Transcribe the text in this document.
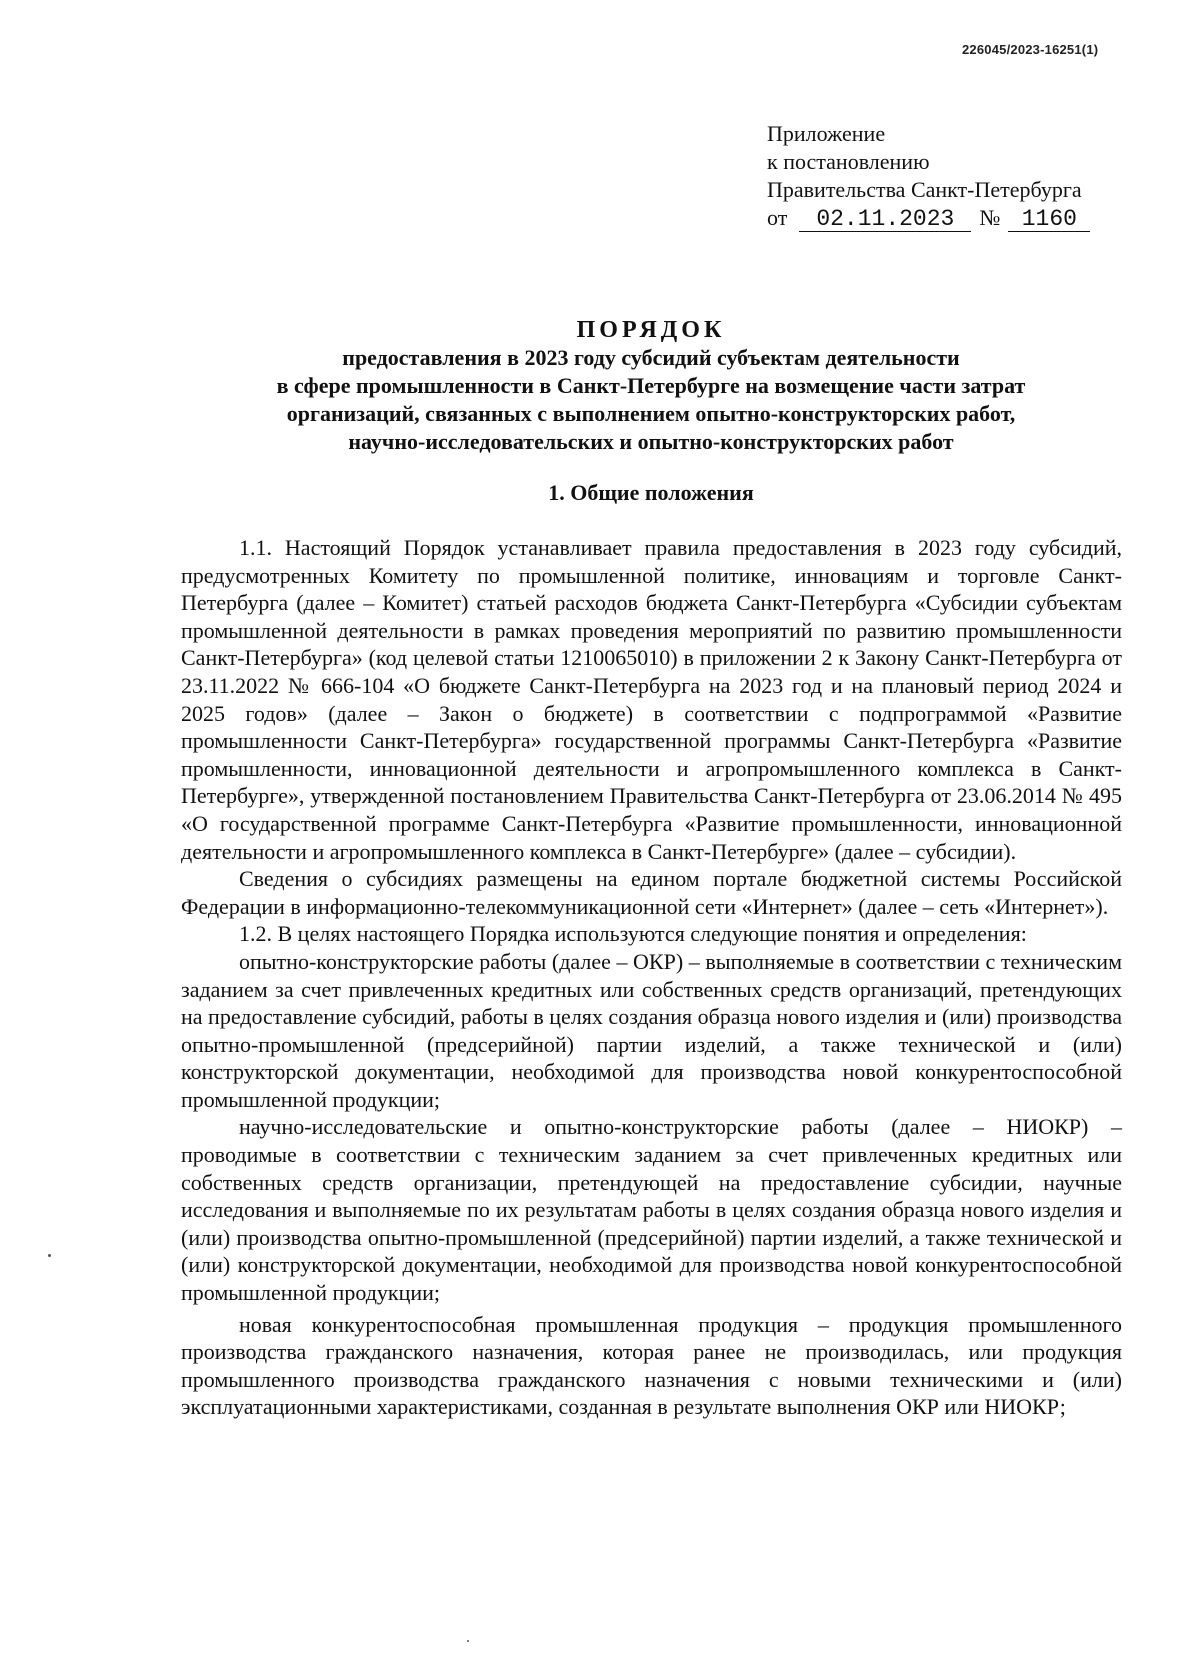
226045/2023-16251(1)
Приложение
к постановлению
Правительства Санкт-Петербурга
от	02.11.2023	№ 1160
ПОРЯДОК
предоставления в 2023 году субсидий субъектам деятельности
в сфере промышленности в Санкт-Петербурге на возмещение части затрат
организаций, связанных с выполнением опытно-конструкторских работ,
научно-исследовательских и опытно-конструкторских работ
1. Общие положения

1.1. Настоящий Порядок устанавливает правила предоставления в 2023 году субсидий, предусмотренных Комитету по промышленной политике, инновациям и торговле Санкт-Петербурга (далее – Комитет) статьей расходов бюджета Санкт-Петербурга «Субсидии субъектам промышленной деятельности в рамках проведения мероприятий по развитию промышленности Санкт-Петербурга» (код целевой статьи 1210065010) в приложении 2 к Закону Санкт-Петербурга от 23.11.2022 № 666-104 «О бюджете Санкт-Петербурга на 2023 год и на плановый период 2024 и 2025 годов» (далее – Закон о бюджете) в соответствии с подпрограммой «Развитие промышленности Санкт-Петербурга» государственной программы Санкт-Петербурга «Развитие промышленности, инновационной деятельности и агропромышленного комплекса в Санкт-Петербурге», утвержденной постановлением Правительства Санкт-Петербурга от 23.06.2014 № 495 «О государственной программе Санкт-Петербурга «Развитие промышленности, инновационной деятельности и агропромышленного комплекса в Санкт-Петербурге» (далее – субсидии).

Сведения о субсидиях размещены на едином портале бюджетной системы Российской Федерации в информационно-телекоммуникационной сети «Интернет» (далее – сеть «Интернет»).

1.2. В целях настоящего Порядка используются следующие понятия и определения:

опытно-конструкторские работы (далее – ОКР) – выполняемые в соответствии с техническим заданием за счет привлеченных кредитных или собственных средств организаций, претендующих на предоставление субсидий, работы в целях создания образца нового изделия и (или) производства опытно-промышленной (предсерийной) партии изделий, а также технической и (или) конструкторской документации, необходимой для производства новой конкурентоспособной промышленной продукции;

научно-исследовательские и опытно-конструкторские работы (далее – НИОКР) – проводимые в соответствии с техническим заданием за счет привлеченных кредитных или собственных средств организации, претендующей на предоставление субсидии, научные исследования и выполняемые по их результатам работы в целях создания образца нового изделия и (или) производства опытно-промышленной (предсерийной) партии изделий, а также технической и (или) конструкторской документации, необходимой для производства новой конкурентоспособной промышленной продукции;

новая конкурентоспособная промышленная продукция – продукция промышленного производства гражданского назначения, которая ранее не производилась, или продукция промышленного производства гражданского назначения с новыми техническими и (или) эксплуатационными характеристиками, созданная в результате выполнения ОКР или НИОКР;
